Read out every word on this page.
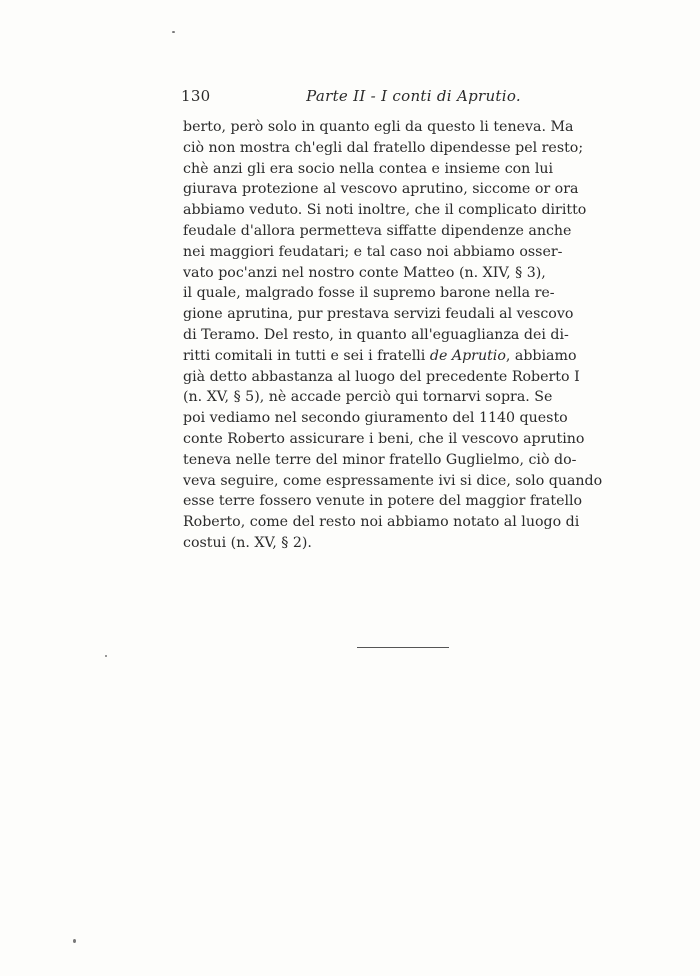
130	Parte II - I conti di Aprutio.
berto, però solo in quanto egli da questo li teneva. Ma
ciò non mostra ch'egli dal fratello dipendesse pel resto;
chè anzi gli era socio nella contea e insieme con lui
giurava protezione al vescovo aprutino, siccome or ora
abbiamo veduto. Si noti inoltre, che il complicato diritto
feudale d'allora permetteva siffatte dipendenze anche
nei maggiori feudatari; e tal caso noi abbiamo osser-
vato poc'anzi nel nostro conte Matteo (n. XIV, § 3),
il quale, malgrado fosse il supremo barone nella re-
gione aprutina, pur prestava servizi feudali al vescovo
di Teramo. Del resto, in quanto all'eguaglianza dei di-
ritti comitali in tutti e sei i fratelli de Aprutio, abbiamo
già detto abbastanza al luogo del precedente Roberto I
(n. XV, § 5), nè accade perciò qui tornarvi sopra. Se
poi vediamo nel secondo giuramento del 1140 questo
conte Roberto assicurare i beni, che il vescovo aprutino
teneva nelle terre del minor fratello Guglielmo, ciò do-
veva seguire, come espressamente ivi si dice, solo quando
esse terre fossero venute in potere del maggior fratello
Roberto, come del resto noi abbiamo notato al luogo di
costui (n. XV, § 2).
